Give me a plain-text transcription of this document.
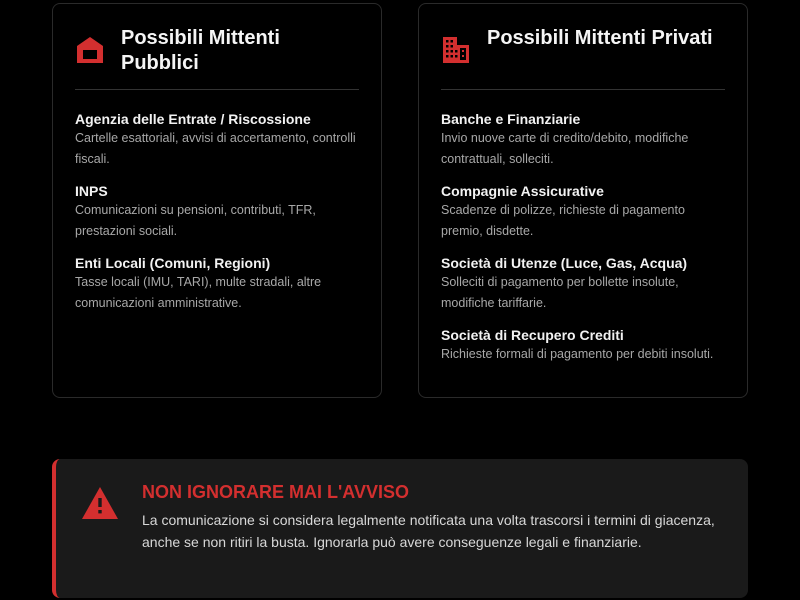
Possibili Mittenti Pubblici
Agenzia delle Entrate / Riscossione
Cartelle esattoriali, avvisi di accertamento, controlli fiscali.
INPS
Comunicazioni su pensioni, contributi, TFR, prestazioni sociali.
Enti Locali (Comuni, Regioni)
Tasse locali (IMU, TARI), multe stradali, altre comunicazioni amministrative.
Possibili Mittenti Privati
Banche e Finanziarie
Invio nuove carte di credito/debito, modifiche contrattuali, solleciti.
Compagnie Assicurative
Scadenze di polizze, richieste di pagamento premio, disdette.
Società di Utenze (Luce, Gas, Acqua)
Solleciti di pagamento per bollette insolute, modifiche tariffarie.
Società di Recupero Crediti
Richieste formali di pagamento per debiti insoluti.
NON IGNORARE MAI L'AVVISO
La comunicazione si considera legalmente notificata una volta trascorsi i termini di giacenza, anche se non ritiri la busta. Ignorarla può avere conseguenze legali e finanziarie.
